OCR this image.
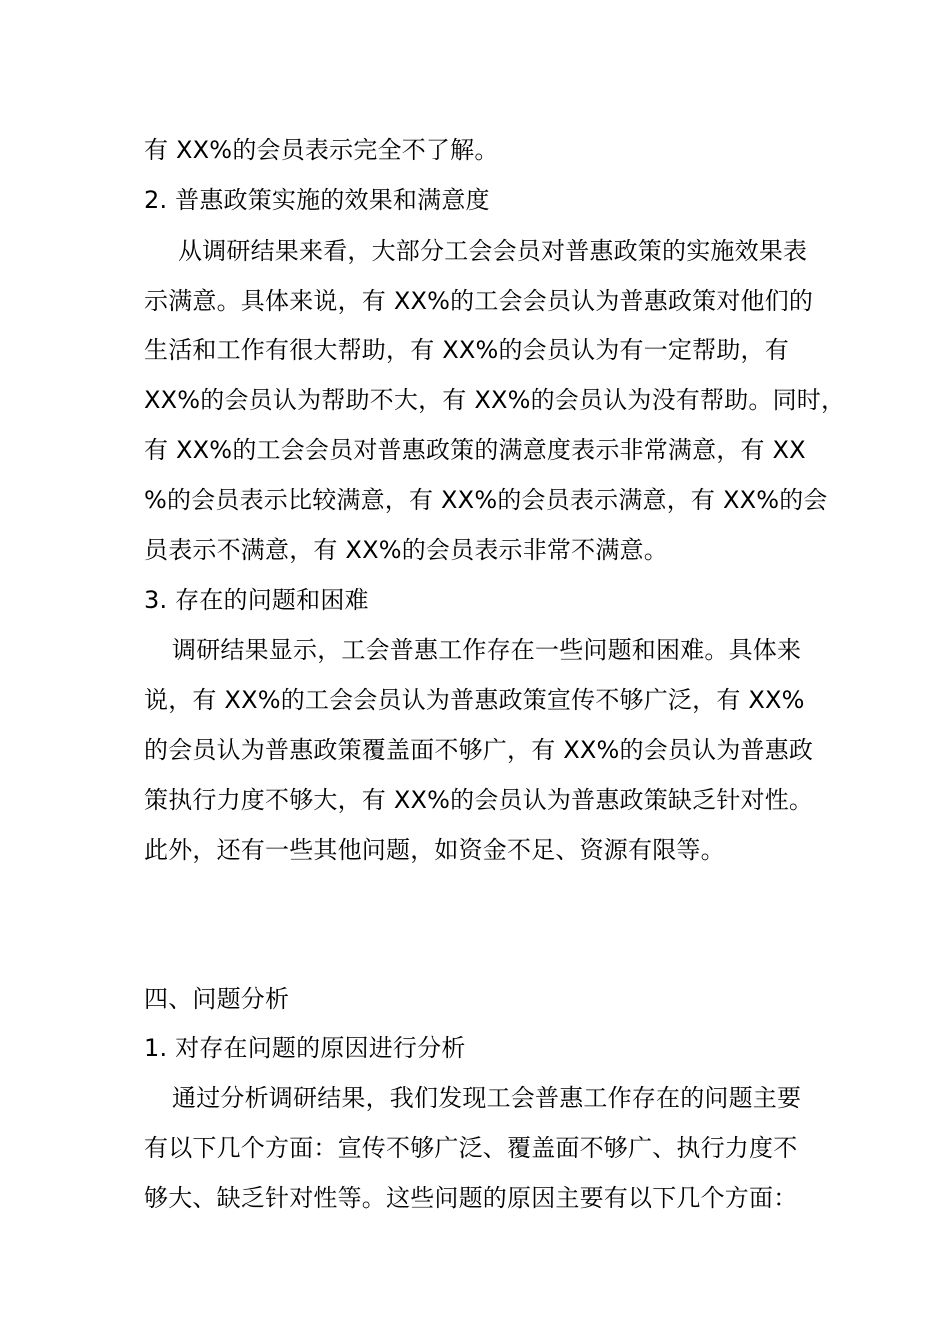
有 XX%的会员表示完全不了解。
2. 普惠政策实施的效果和满意度
从调研结果来看，大部分工会会员对普惠政策的实施效果表
示满意。具体来说，有 XX%的工会会员认为普惠政策对他们的
生活和工作有很大帮助，有 XX%的会员认为有一定帮助，有
XX%的会员认为帮助不大，有 XX%的会员认为没有帮助。同时，
有 XX%的工会会员对普惠政策的满意度表示非常满意，有 XX
%的会员表示比较满意，有 XX%的会员表示满意，有 XX%的会
员表示不满意，有 XX%的会员表示非常不满意。
3. 存在的问题和困难
调研结果显示，工会普惠工作存在一些问题和困难。具体来
说，有 XX%的工会会员认为普惠政策宣传不够广泛，有 XX%
的会员认为普惠政策覆盖面不够广，有 XX%的会员认为普惠政
策执行力度不够大，有 XX%的会员认为普惠政策缺乏针对性。
此外，还有一些其他问题，如资金不足、资源有限等。
四、问题分析
1. 对存在问题的原因进行分析
通过分析调研结果，我们发现工会普惠工作存在的问题主要
有以下几个方面：宣传不够广泛、覆盖面不够广、执行力度不
够大、缺乏针对性等。这些问题的原因主要有以下几个方面：
